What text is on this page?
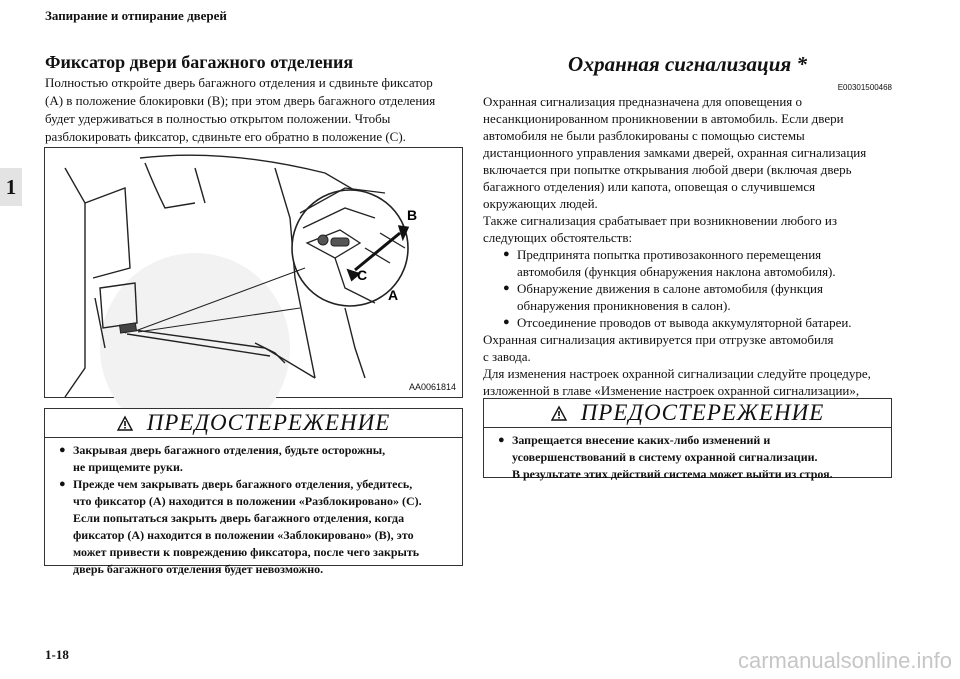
Запирание и отпирание дверей
1
Фиксатор двери багажного отделения
Полностью откройте дверь багажного отделения и сдвиньте фиксатор
(A) в положение блокировки (B); при этом дверь багажного отделения
будет удерживаться в полностью открытом положении. Чтобы
разблокировать фиксатор, сдвиньте его обратно в положение (C).
B
C
A
AA0061814
ПРЕДОСТЕРЕЖЕНИЕ
● Закрывая дверь багажного отделения, будьте осторожны,
не прищемите руки.
● Прежде чем закрывать дверь багажного отделения, убедитесь,
что фиксатор (A) находится в положении «Разблокировано» (C).
Если попытаться закрыть дверь багажного отделения, когда
фиксатор (A) находится в положении «Заблокировано» (B), это
может привести к повреждению фиксатора, после чего закрыть
дверь багажного отделения будет невозможно.
Охранная сигнализация *
E00301500468

Охранная сигнализация предназначена для оповещения о

несанкционированном проникновении в автомобиль. Если двери

автомобиля не были разблокированы с помощью системы

дистанционного управления замками дверей, охранная сигнализация

включается при попытке открывания любой двери (включая дверь

багажного отделения) или капота, оповещая о случившемся

окружающих людей.

Также сигнализация срабатывает при возникновении любого из

следующих обстоятельств:

● Предпринята попытка противозаконного перемещения
автомобиля (функция обнаружения наклона автомобиля).
● Обнаружение движения в салоне автомобиля (функция
обнаружения проникновения в салон).
● Отсоединение проводов от вывода аккумуляторной батареи.

Охранная сигнализация активируется при отгрузке автомобиля

с завода.

Для изменения настроек охранной сигнализации следуйте процедуре,

изложенной в главе «Изменение настроек охранной сигнализации»,

ПРЕДОСТЕРЕЖЕНИЕ
● Запрещается внесение каких-либо изменений и
усовершенствований в систему охранной сигнализации.
В результате этих действий система может выйти из строя.
1-18	carmanualsonline.info
